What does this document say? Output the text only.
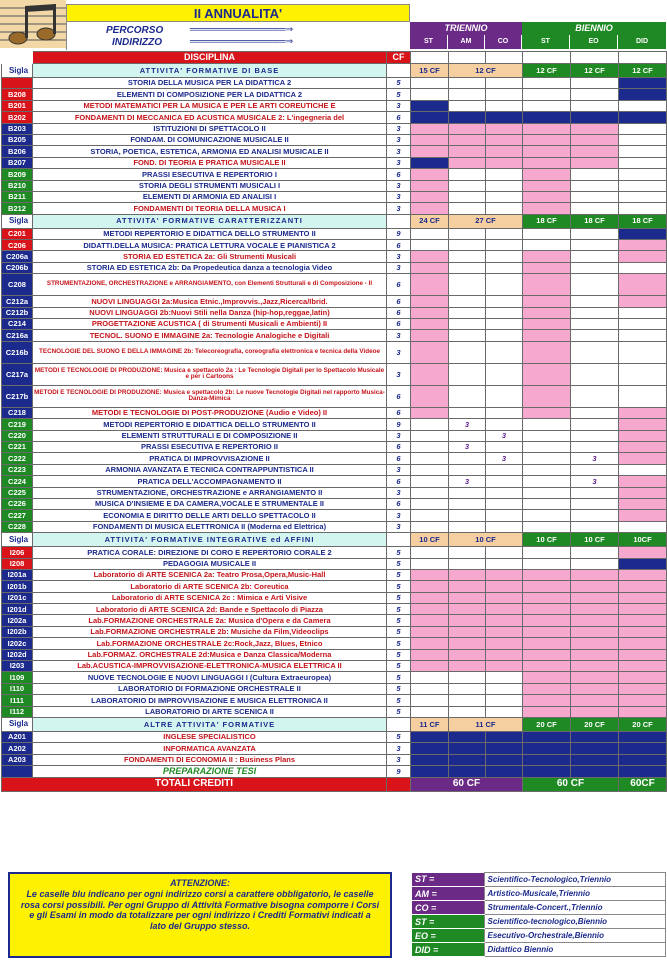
II ANNUALITA'
PERCORSO	═══════════════⇒
INDIRIZZO	═══════════════⇒
TRIENNIO	BIENNIO
ST	AM	CO	ST	EO	DID
	DISCIPLINA	CF						
Sigla	ATTIVITA' FORMATIVE DI BASE		15 CF	12 CF		12 CF	12 CF	12 CF
	STORIA DELLA MUSICA PER LA DIDATTICA 2	5						
B208	ELEMENTI DI COMPOSIZIONE PER LA DIDATTICA 2	5						
B201	METODI MATEMATICI PER LA MUSICA E PER LE ARTI COREUTICHE E	3						
B202	FONDAMENTI DI MECCANICA ED ACUSTICA MUSICALE 2: L'ingegneria del	6						
B203	ISTITUZIONI DI SPETTACOLO II	3						
B205	FONDAM. DI COMUNICAZIONE MUSICALE II	3						
B206	STORIA, POETICA, ESTETICA, ARMONIA ED ANALISI MUSICALE II	3						
B207	FOND. DI TEORIA E PRATICA MUSICALE II	3						
B209	PRASSI ESECUTIVA E REPERTORIO I	6						
B210	STORIA DEGLI STRUMENTI MUSICALI I	3						
B211	ELEMENTI DI ARMONIA ED ANALISI I	3						
B212	FONDAMENTI DI TEORIA DELLA MUSICA I	3						
Sigla	ATTIVITA' FORMATIVE CARATTERIZZANTI		24 CF	27 CF		18 CF	18 CF	18 CF
C201	METODI REPERTORIO E DIDATTICA DELLO STRUMENTO II	9						
C206	DIDATTI.DELLA MUSICA: PRATICA LETTURA VOCALE E PIANISTICA 2	6						
C206a	STORIA ED ESTETICA 2a: Gli Strumenti Musicali	3						
C206b	STORIA ED ESTETICA 2b: Da Propedeutica danza a tecnologia Video	3						
C208	STRUMENTAZIONE, ORCHESTRAZIONE e ARRANGIAMENTO, con Elementi Strutturali e di Composizione - II	6						
C212a	NUOVI LINGUAGGI 2a:Musica Etnic.,Improvvis.,Jazz,Ricerca/Ibrid.	6						
C212b	NUOVI LINGUAGGI 2b:Nuovi Stili nella Danza (hip-hop,reggae,latin)	6						
C214	PROGETTAZIONE ACUSTICA ( di Strumenti Musicali e Ambienti) II	6						
C216a	TECNOL. SUONO E IMMAGINE 2a: Tecnologie Analogiche e Digitali	3						
C216b	TECNOLOGIE DEL SUONO E DELLA IMMAGINE 2b: Telecoreografia, coreografia elettronica e tecnica della Videoe	3						
C217a	METODI E TECNOLOGIE DI PRODUZIONE: Musica e spettacolo 2a : Le Tecnologie Digitali per lo Spettacolo Musicale e per i Cartoons	3						
C217b	METODI E TECNOLOGIE DI PRODUZIONE: Musica e spettacolo 2b: Le nuove Tecnologie Digitali nel rapporto Musica-Danza-Mimica	6						
C218	METODI E TECNOLOGIE DI POST-PRODUZIONE (Audio e Video) II	6						
C219	METODI REPERTORIO E DIDATTICA DELLO STRUMENTO II	9		3				
C220	ELEMENTI STRUTTURALI E DI COMPOSIZIONE II	3			3			
C221	PRASSI ESECUTIVA E REPERTORIO II	6		3				
C222	PRATICA DI IMPROVVISAZIONE II	6			3		3	
C223	ARMONIA AVANZATA E TECNICA CONTRAPPUNTISTICA II	3						
C224	PRATICA DELL'ACCOMPAGNAMENTO II	6		3			3	
C225	STRUMENTAZIONE, ORCHESTRAZIONE e ARRANGIAMENTO II	3						
C226	MUSICA D'INSIEME E DA CAMERA,VOCALE E STRUMENTALE II	6						
C227	ECONOMIA E DIRITTO DELLE ARTI DELLO SPETTACOLO II	3						
C228	FONDAMENTI DI MUSICA ELETTRONICA II (Moderna ed Elettrica)	3						
Sigla	ATTIVITA' FORMATIVE INTEGRATIVE ed AFFINI		10 CF	10 CF		10 CF	10 CF	10CF
I206	PRATICA CORALE: DIREZIONE DI CORO E REPERTORIO CORALE 2	5						
I208	PEDAGOGIA MUSICALE II	5						
I201a	Laboratorio di ARTE SCENICA 2a: Teatro Prosa,Opera,Music-Hall	5						
I201b	Laboratorio di ARTE SCENICA 2b: Coreutica	5						
I201c	Laboratorio di ARTE SCENICA 2c : Mimica e Arti Visive	5						
I201d	Laboratorio di ARTE SCENICA 2d: Bande e Spettacolo di Piazza	5						
I202a	Lab.FORMAZIONE ORCHESTRALE 2a: Musica d'Opera e da Camera	5						
I202b	Lab.FORMAZIONE ORCHESTRALE 2b: Musiche da Film,Videoclips	5						
I202c	Lab.FORMAZIONE ORCHESTRALE 2c:Rock,Jazz, Blues, Etnico	5						
I202d	Lab.FORMAZ. ORCHESTRALE 2d:Musica e Danza Classica/Moderna	5						
I203	Lab.ACUSTICA-IMPROVVISAZIONE-ELETTRONICA-MUSICA ELETTRICA II	5						
I109	NUOVE TECNOLOGIE E NUOVI LINGUAGGI I (Cultura Extraeuropea)	5						
I110	LABORATORIO DI FORMAZIONE ORCHESTRALE II	5						
I111	LABORATORIO DI IMPROVVISAZIONE E MUSICA ELETTRONICA II	5						
I112	LABORATORIO DI ARTE SCENICA II	5						
Sigla	ALTRE ATTIVITA' FORMATIVE		11 CF	11 CF		20 CF	20 CF	20 CF
A201	INGLESE SPECIALISTICO	5						
A202	INFORMATICA AVANZATA	3						
A203	FONDAMENTI DI ECONOMIA II : Business Plans	3						
	PREPARAZIONE TESI	9						
TOTALI CREDITI			60 CF			60 CF		60CF
ATTENZIONE:
Le caselle blu indicano per ogni indirizzo corsi a carattere obbligatorio, le caselle rosa corsi possibili. Per ogni Gruppo di Attività Formative bisogna comporre i Corsi e gli Esami in modo da totalizzare per ogni indirizzo i Crediti Formativi indicati a lato del Gruppo stesso.
ST =	Scientifico-Tecnologico,Triennio
AM =	Artistico-Musicale,Triennio
CO =	Strumentale-Concert.,Triennio
ST =	Scientifico-tecnologico,Biennio
EO =	Esecutivo-Orchestrale,Biennio
DID =	Didattico Biennio
